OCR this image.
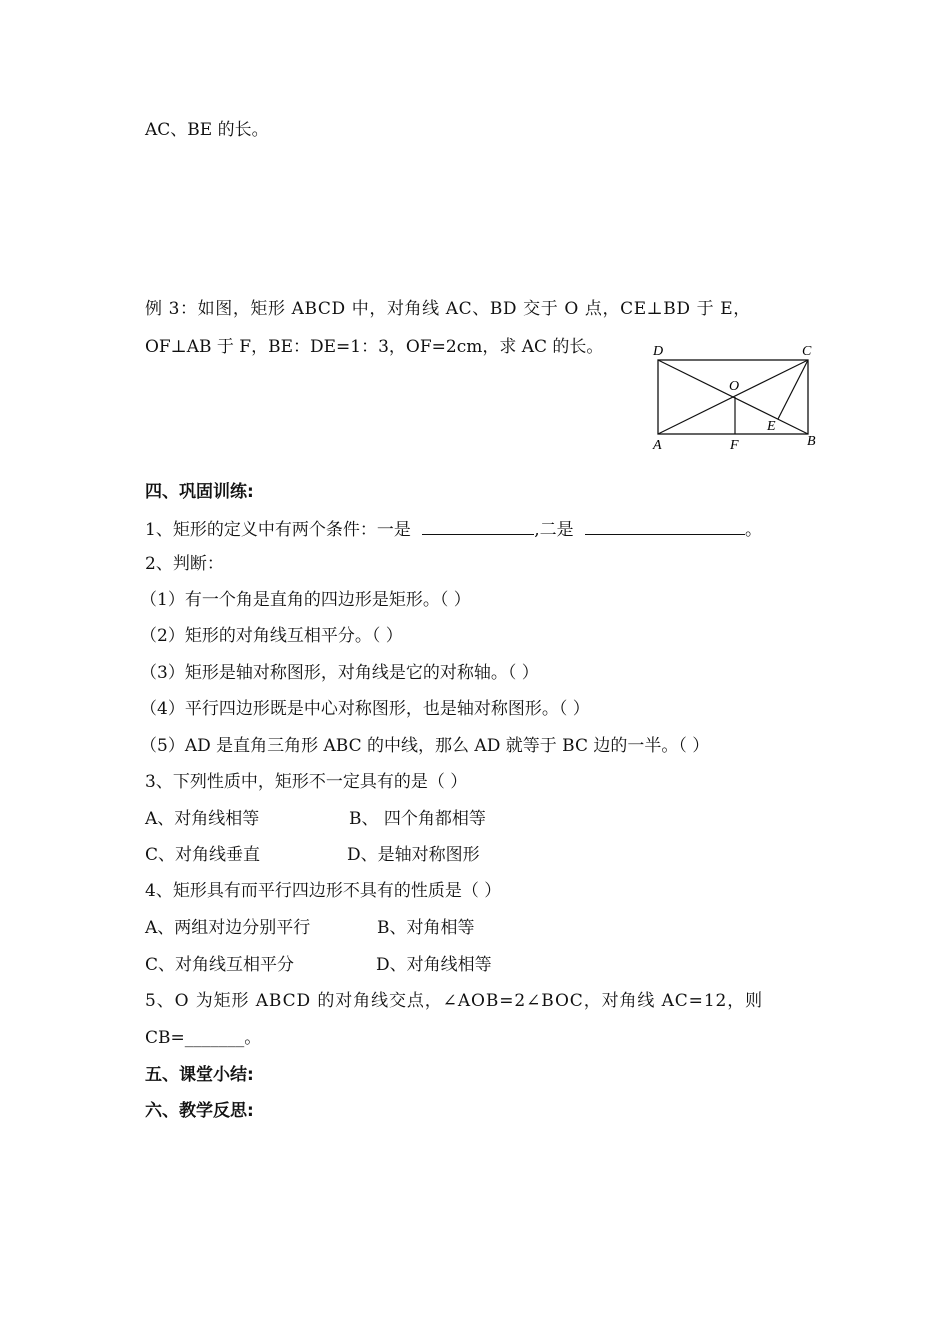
AC、BE 的长。
例 3：如图，矩形 ABCD 中，对角线 AC、BD 交于 O 点，CE⊥BD 于 E，
OF⊥AB 于 F，BE：DE=1：3，OF=2cm，求 AC 的长。	D	C
O
E
A	F	B
四、巩固训练:
1、矩形的定义中有两个条件：一是	,二是	。
2、判断：
（1）有一个角是直角的四边形是矩形。（ ）
（2）矩形的对角线互相平分。（ ）
（3）矩形是轴对称图形，对角线是它的对称轴。（ ）
（4）平行四边形既是中心对称图形，也是轴对称图形。（ ）
（5）AD 是直角三角形 ABC 的中线，那么 AD 就等于 BC 边的一半。（ ）
3、下列性质中，矩形不一定具有的是（ ）
A、对角线相等	B、 四个角都相等
C、对角线垂直	D、是轴对称图形
4、矩形具有而平行四边形不具有的性质是（ ）
A、两组对边分别平行	B、对角相等
C、对角线互相平分	D、对角线相等
5、O 为矩形 ABCD 的对角线交点，∠AOB=2∠BOC，对角线 AC=12，则
CB=_______。
五、课堂小结:
六、教学反思:
